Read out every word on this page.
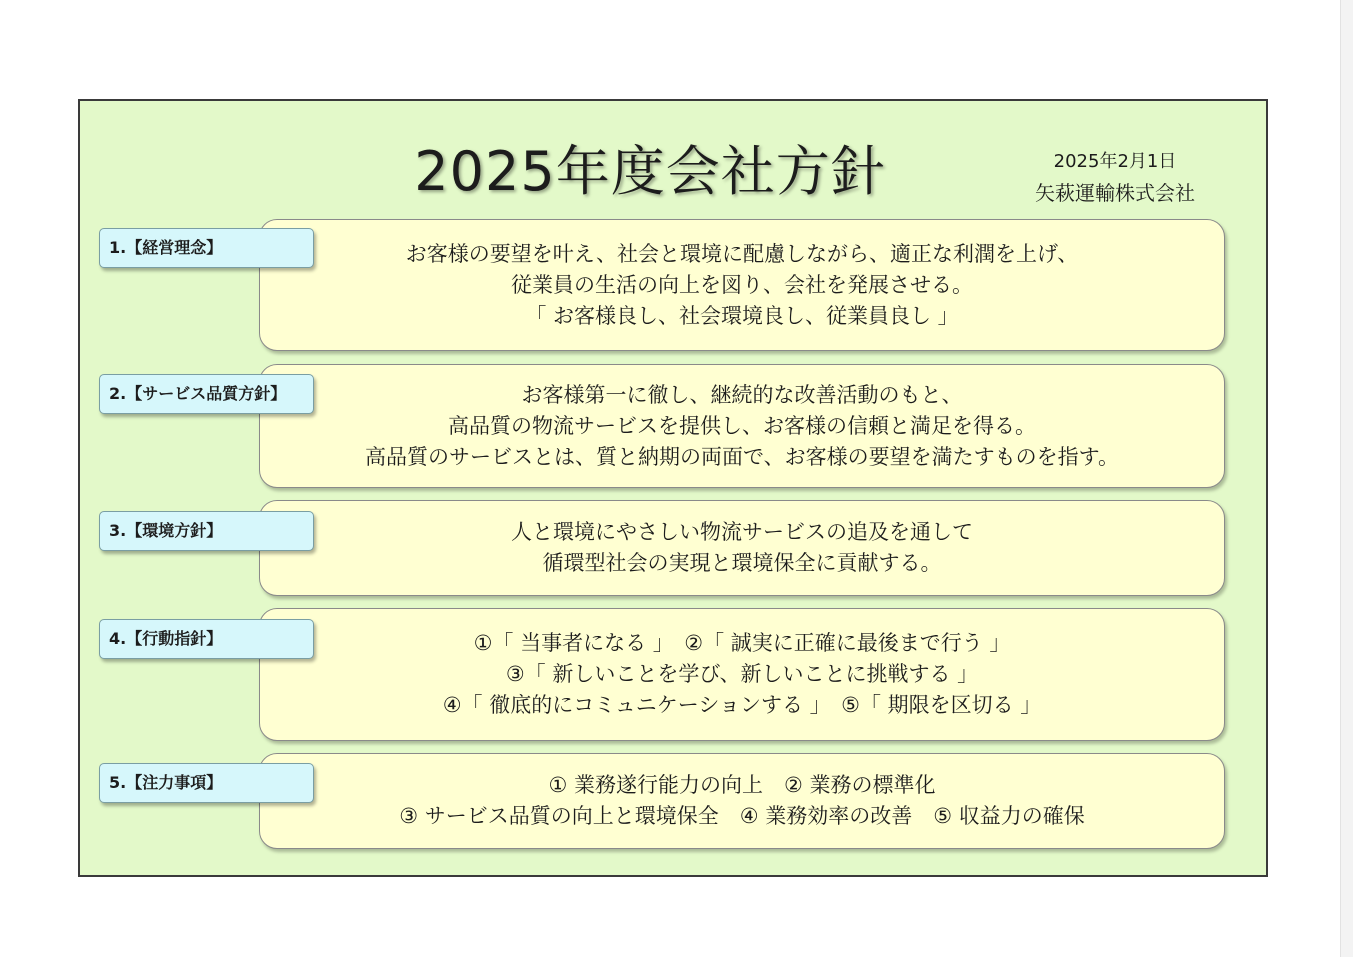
2025年度会社方針	2025年2月1日
矢萩運輸株式会社
お客様の要望を叶え、社会と環境に配慮しながら、適正な利潤を上げ、
従業員の生活の向上を図り、会社を発展させる。
「 お客様良し、社会環境良し、従業員良し 」
1.【経営理念】
お客様第一に徹し、継続的な改善活動のもと、
高品質の物流サービスを提供し、お客様の信頼と満足を得る。
高品質のサービスとは、質と納期の両面で、お客様の要望を満たすものを指す。
2.【サービス品質方針】
人と環境にやさしい物流サービスの追及を通して
循環型社会の実現と環境保全に貢献する。
3.【環境方針】
①「 当事者になる 」　②「 誠実に正確に最後まで行う 」
③「 新しいことを学び、新しいことに挑戦する 」
④「 徹底的にコミュニケーションする 」　⑤「 期限を区切る 」
4.【行動指針】
① 業務遂行能力の向上　② 業務の標準化
③ サービス品質の向上と環境保全　④ 業務効率の改善　⑤ 収益力の確保
5.【注力事項】
